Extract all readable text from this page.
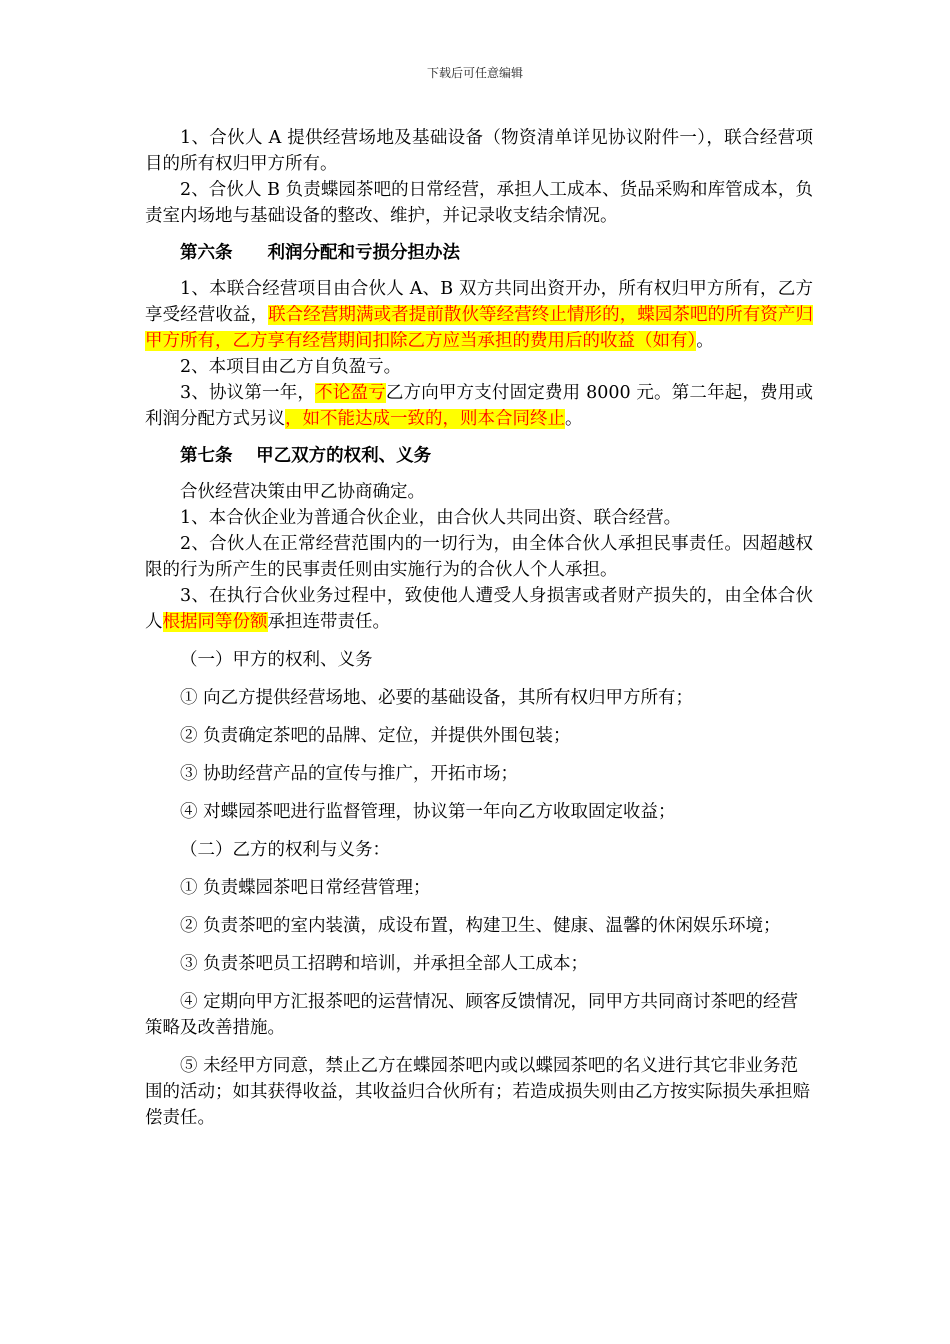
下载后可任意编辑

1、合伙人 A 提供经营场地及基础设备（物资清单详见协议附件一），联合经营项目的所有权归甲方所有。

2、合伙人 B 负责蝶园茶吧的日常经营，承担人工成本、货品采购和库管成本，负责室内场地与基础设备的整改、维护，并记录收支结余情况。

第六条　　利润分配和亏损分担办法

1、本联合经营项目由合伙人 A、B 双方共同出资开办，所有权归甲方所有，乙方享受经营收益，联合经营期满或者提前散伙等经营终止情形的，蝶园茶吧的所有资产归甲方所有，乙方享有经营期间扣除乙方应当承担的费用后的收益（如有）。

2、本项目由乙方自负盈亏。

3、协议第一年，不论盈亏乙方向甲方支付固定费用 8000 元。第二年起，费用或利润分配方式另议，如不能达成一致的，则本合同终止。

第七条　 甲乙双方的权利、义务

合伙经营决策由甲乙协商确定。

1、本合伙企业为普通合伙企业，由合伙人共同出资、联合经营。

2、合伙人在正常经营范围内的一切行为，由全体合伙人承担民事责任。因超越权限的行为所产生的民事责任则由实施行为的合伙人个人承担。

3、在执行合伙业务过程中，致使他人遭受人身损害或者财产损失的，由全体合伙人根据同等份额承担连带责任。

（一）甲方的权利、义务

① 向乙方提供经营场地、必要的基础设备，其所有权归甲方所有；

② 负责确定茶吧的品牌、定位，并提供外围包装；

③ 协助经营产品的宣传与推广，开拓市场；

④ 对蝶园茶吧进行监督管理，协议第一年向乙方收取固定收益；

（二）乙方的权利与义务：

① 负责蝶园茶吧日常经营管理；

② 负责茶吧的室内装潢，成设布置，构建卫生、健康、温馨的休闲娱乐环境；

③ 负责茶吧员工招聘和培训，并承担全部人工成本；

④ 定期向甲方汇报茶吧的运营情况、顾客反馈情况，同甲方共同商讨茶吧的经营策略及改善措施。

⑤ 未经甲方同意，禁止乙方在蝶园茶吧内或以蝶园茶吧的名义进行其它非业务范围的活动；如其获得收益，其收益归合伙所有；若造成损失则由乙方按实际损失承担赔偿责任。
